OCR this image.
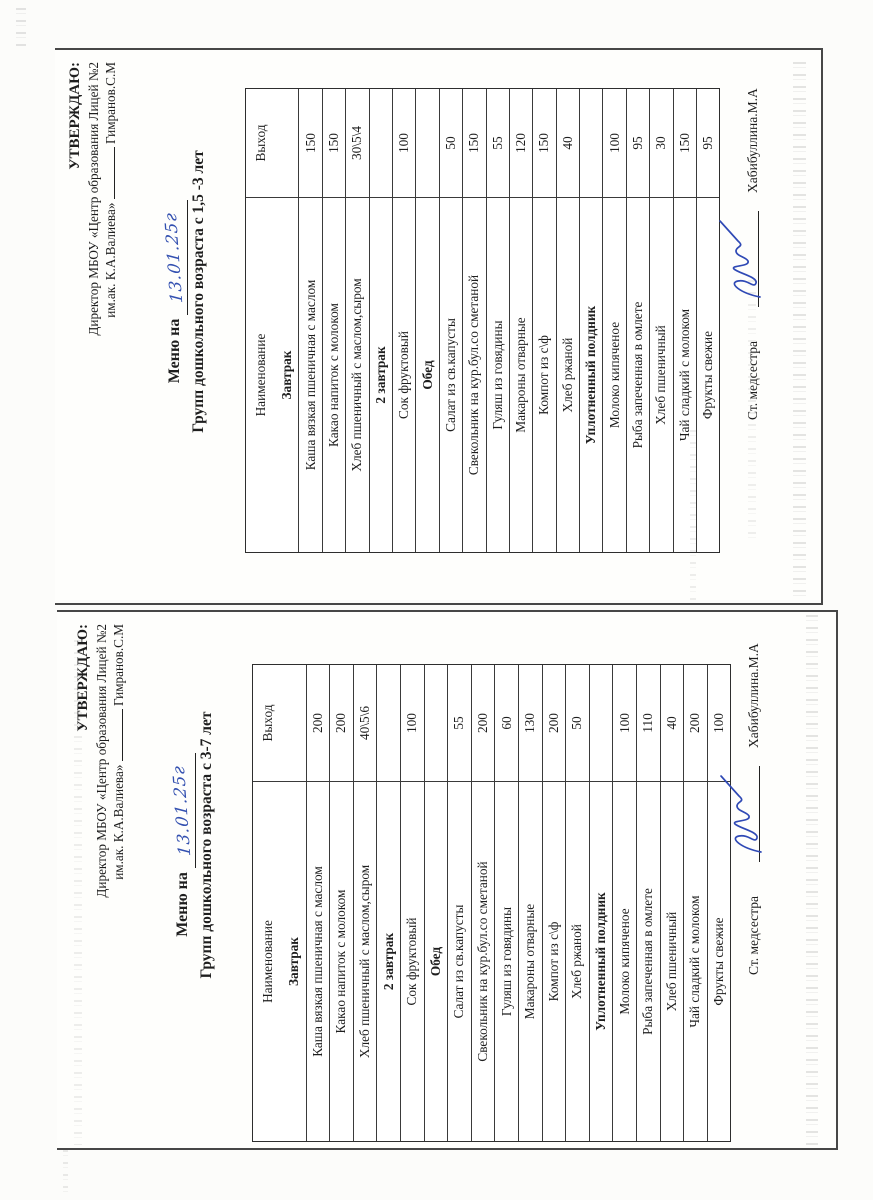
УТВЕРЖДАЮ: Директор МБОУ «Центр образования Лицей №2 им.ак. К.А.Валиева»  Гимранов.С.М
Меню на 13.01.25г Групп дошкольного возраста с 1,5 -3 лет	Наименование
Выход
Завтрак Каша вязкая пшеничная с маслом
150
Какао напиток с молоком
150
Хлеб пшеничный с маслом,сыром
30\5\4
2 завтрак Сок фруктовый
100
Обед Салат из св.капусты
50
Свекольник на кур.бул.со сметаной
150
Гуляш из говядины
55
Макароны отварные
120
Компот из с\ф
150
Хлеб ржаной
40
Уплотненный полдник Молоко кипяченое
100
Рыба запеченная в омлете
95
Хлеб пшеничный
30
Чай сладкий с молоком
150
Фрукты свежие
95
Ст. медсестра
Хабибуллина.М.А
УТВЕРЖДАЮ: Директор МБОУ «Центр образования Лицей №2 им.ак. К.А.Валиева»  Гимранов.С.М
Меню на 13.01.25г Групп дошкольного возраста с 3-7 лет	Наименование
Выход
Завтрак Каша вязкая пшеничная с маслом
200
Какао напиток с молоком
200
Хлеб пшеничный с маслом,сыром
40\5\6
2 завтрак Сок фруктовый
100
Обед Салат из св.капусты
55
Свекольник на кур.бул.со сметаной
200
Гуляш из говядины
60
Макароны отварные
130
Компот из с\ф
200
Хлеб ржаной
50
Уплотненный полдник Молоко кипяченое
100
Рыба запеченная в омлете
110
Хлеб пшеничный
40
Чай сладкий с молоком
200
Фрукты свежие
100
Ст. медсестра
Хабибуллина.М.А
